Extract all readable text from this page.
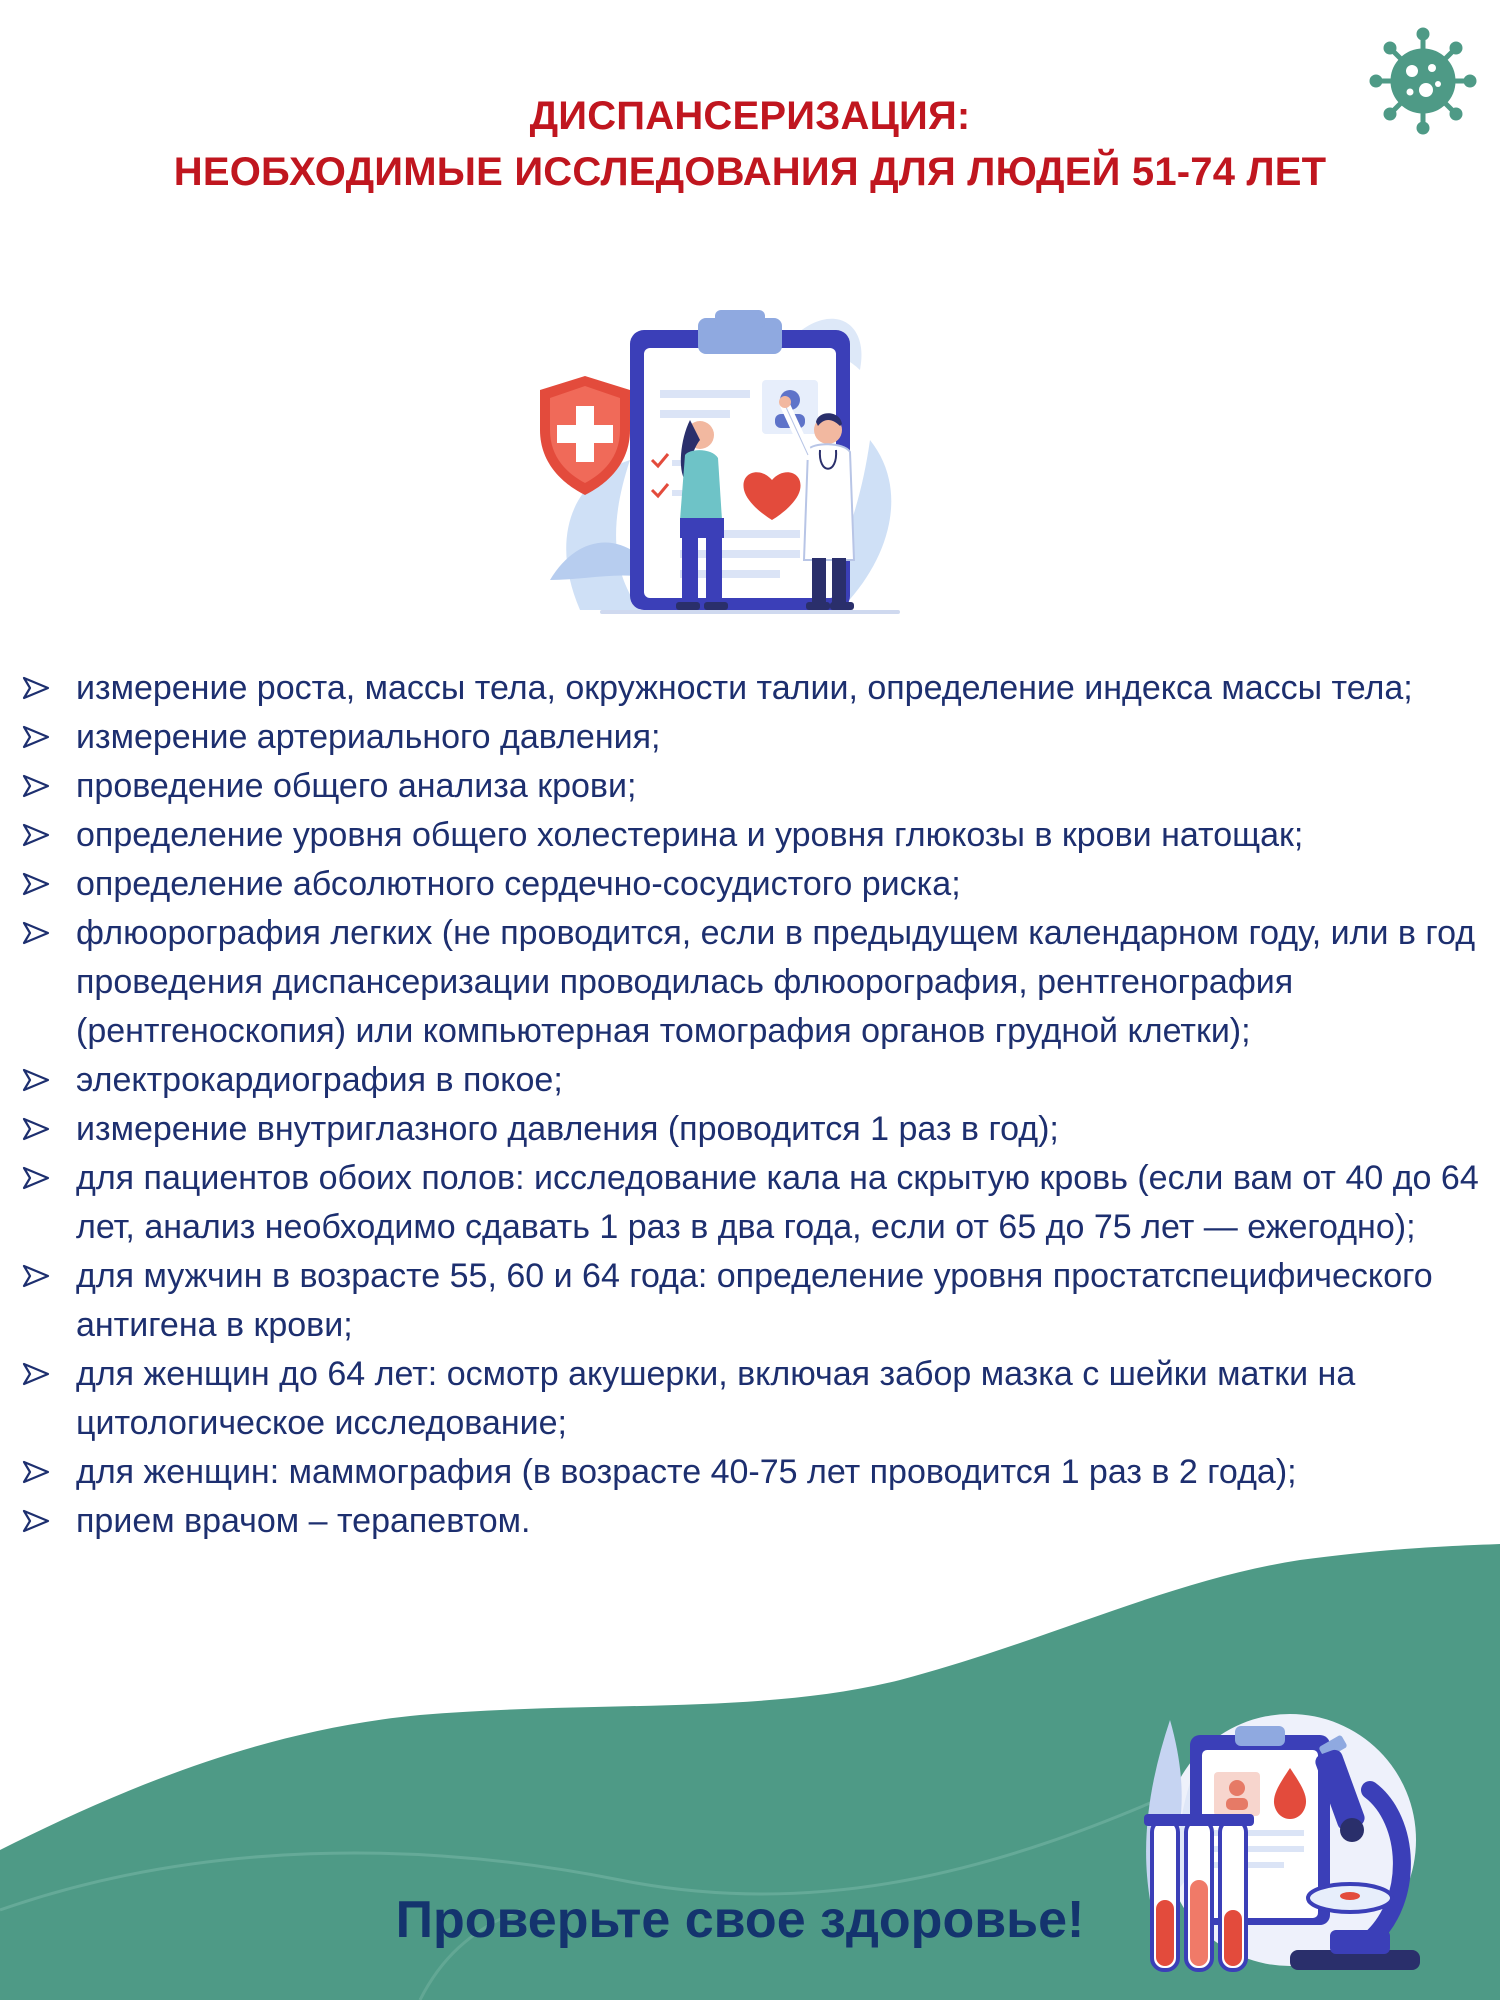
ДИСПАНСЕРИЗАЦИЯ:
НЕОБХОДИМЫЕ ИССЛЕДОВАНИЯ ДЛЯ ЛЮДЕЙ 51-74 ЛЕТ
измерение роста, массы тела, окружности талии, определение индекса массы тела;
измерение артериального давления;
проведение общего анализа крови;
определение уровня общего холестерина и уровня глюкозы в крови натощак;
определение абсолютного сердечно-сосудистого риска;
флюорография легких (не проводится, если в предыдущем календарном году, или в год проведения диспансеризации проводилась флюорография, рентгенография (рентгеноскопия) или компьютерная томография органов грудной клетки);
электрокардиография в покое;
измерение внутриглазного давления (проводится 1 раз в год);
для пациентов обоих полов: исследование кала на скрытую кровь (если вам от 40 до 64 лет, анализ необходимо сдавать 1 раз в два года, если от 65 до 75 лет — ежегодно);
для мужчин в возрасте 55, 60 и 64 года: определение уровня простатспецифического антигена в крови;
для женщин до 64 лет: осмотр акушерки, включая забор мазка с шейки матки на цитологическое исследование;
для женщин: маммография (в возрасте 40-75 лет проводится 1 раз в 2 года);
прием врачом – терапевтом.
Проверьте свое здоровье!
